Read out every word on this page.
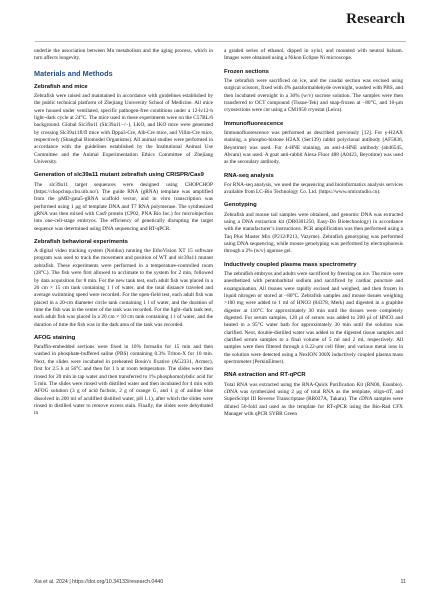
Research

underlie the association between Mn metabolism and the aging process, which in turn affects longevity.

Materials and Methods
Zebrafish and mice

Zebrafish were raised and maintained in accordance with guidelines established by the public technical platform of Zhejiang University School of Medicine. All mice were housed under ventilated, specific pathogen-free conditions under a 12-h/12-h light–dark cycle at 24°C. The mice used in these experiments were on the C57BL/6 background. Global Slc39a11 (Slc39a11−/−), LKO, and IKO mice were generated by crossing Slc39a11fl/fl mice with Dppa3-Cre, Alb-Cre mice, and Villin-Cre mice, respectively (Shanghai Biomodel Organisms). All animal studies were performed in accordance with the guidelines established by the Institutional Animal Use Committee and the Animal Experimentation Ethics Committee of Zhejiang University.

Generation of slc39a11 mutant zebrafish using CRISPR/Cas9

The slc39a11 target sequences were designed using CHOPCHOP (https://chopchop.cbu.uib.no/). The guide RNA (gRNA) template was amplified from the pMD-gata5-gRNA scaffold vector, and in vitro transcription was performed using 1 μg of template DNA and T7 RNA polymerase. The synthesized gRNA was then mixed with Cas9 protein (CP02, PNA Bio Inc.) for microinjection into one-cell-stage embryos. The efficiency of genetically disrupting the target sequence was determined using DNA sequencing and RT-qPCR.

Zebrafish behavioral experiments

A digital video tracking system (Noldus) running the EthoVision XT 15 software program was used to track the movement and position of WT and slc39a11 mutant zebrafish. These experiments were performed in a temperature-controlled room (28°C). The fish were first allowed to acclimate to the system for 2 min, followed by data acquisition for 8 min. For the new tank test, each adult fish was placed in a 20 cm × 15 cm tank containing 1 l of water, and the total distance traveled and average swimming speed were recorded. For the open-field test, each adult fish was placed in a 20-cm diameter circle tank containing 1 l of water, and the duration of time the fish was in the center of the tank was recorded. For the light–dark tank test, each adult fish was placed in a 20 cm × 10 cm tank containing 1 l of water, and the duration of time the fish was in the dark area of the tank was recorded.

AFOG staining

Paraffin-embedded sections were fixed in 10% formalin for 15 min and then washed in phosphate-buffered saline (PBS) containing 0.3% Triton-X for 10 min. Next, the slides were incubated in preheated Bouin’s fixative (AG2331, Acmec), first for 2.5 h at 56°C and then for 1 h at room temperature. The slides were then rinsed for 20 min in tap water and then transferred to 1% phosphomolybdic acid for 5 min. The slides were rinsed with distilled water and then incubated for 4 min with AFOG solution (3 g of acid fuchsin, 2 g of orange G, and 1 g of aniline blue dissolved in 200 ml of acidified distilled water, pH 1.1), after which the slides were rinsed in distilled water to remove excess stain. Finally, the slides were dehydrated in

a graded series of ethanol, dipped in xylol, and mounted with neutral balsam. Images were obtained using a Nikon Eclipse Ni microscope.

Frozen sections

The zebrafish were sacrificed on ice, and the caudal section was excised using surgical scissors, fixed with 4% paraformaldehyde overnight, washed with PBS, and then incubated overnight in a 30% (w/v) sucrose solution. The samples were then transferred to OCT compound (Tissue-Tek) and snap-frozen at −80°C, and 10-μm cryosections were cut using a CM1950 cryostat (Leica).

Immunofluorescence

Immunofluorescence was performed as described previously [12]. For γ-H2AX staining, a phospho-histone H2AX (Ser139) rabbit polyclonal antibody (AF5836, Beyotime) was used. For 4-HNE staining, an anti-4-HNE antibody (ab46545, Abcam) was used. A goat anti-rabbit Alexa Fluor 488 (A0423, Beyotime) was used as the secondary antibody.

RNA-seq analysis

For RNA-seq analysis, we used the sequencing and bioinformatics analysis services available from LC-Bio Technology Co. Ltd. (https://www.omicstudio.cn).

Genotyping

Zebrafish and mouse tail samples were obtained, and genomic DNA was extracted using a DNA extraction kit (DR0301250, Easy-Do Biotechnology) in accordance with the manufacturer’s instructions. PCR amplification was then performed using a Taq Plus Master Mix (P212/P213, Vazyme). Zebrafish genotyping was performed using DNA sequencing, while mouse genotyping was performed by electrophoresis through a 2% (w/v) agarose gel.

Inductively coupled plasma mass spectrometry

The zebrafish embryos and adults were sacrificed by freezing on ice. The mice were anesthetized with pentobarbital sodium and sacrificed by cardiac puncture and exsanguination. All tissues were rapidly excised and weighed, and then frozen in liquid nitrogen or stored at −80°C. Zebrafish samples and mouse tissues weighing >100 mg were added to 1 ml of HNO3 (84378, Merk) and digested in a graphite digester at 110°C for approximately 30 min until the tissues were completely digested. For serum samples, 120 μl of serum was added to 200 μl of HNO3 and heated in a 95°C water bath for approximately 30 min until the solution was clarified. Next, double-distilled water was added to the digested tissue samples and clarified serum samples to a final volume of 5 ml and 2 ml, respectively. All samples were then filtered through a 0.22-μm cell filter, and various metal ions in the solution were detected using a NexION 300X inductively coupled plasma mass spectrometer (PerkinElmer).

RNA extraction and RT-qPCR

Total RNA was extracted using the RNA-Quick Purification Kit (RN00, Esunbio). cDNA was synthesized using 2 μg of total RNA as the template, oligo-dT, and SuperScript III Reverse Transcriptase (RR037A, Takara). The cDNA samples were diluted 50-fold and used as the template for RT-qPCR using the Bio-Rad CFX Manager with qPCR SYBR Green

Xia et al. 2024 | https://doi.org/10.34133/research.0440	11
